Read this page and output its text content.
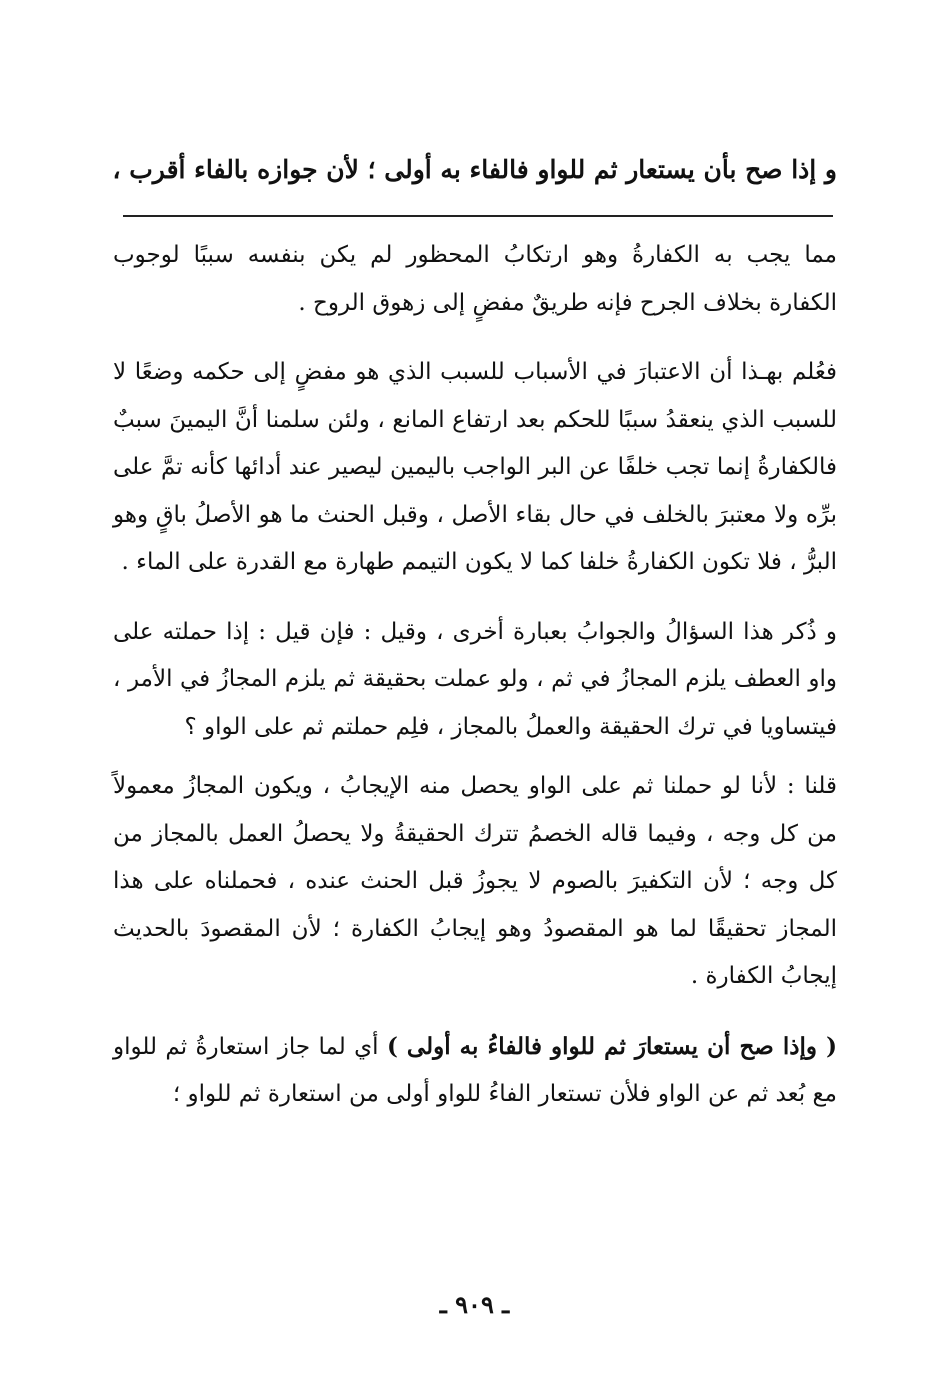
و إذا صح بأن يستعار ثم للواو فالفاء به أولى ؛ لأن جوازه بالفاء أقرب ،

مما يجب به الكفارةُ وهو ارتكابُ المحظور لم يكن بنفسه سببًا لوجوب الكفارة بخلاف الجرح فإنه طريقٌ مفضٍ إلى زهوق الروح .

فعُلم بهـذا أن الاعتبارَ في الأسباب للسبب الذي هو مفضٍ إلى حكمه وضعًا لا للسبب الذي ينعقدُ سببًا للحكم بعد ارتفاع المانع ، ولئن سلمنا أنَّ اليمينَ سببٌ فالكفارةُ إنما تجب خلفًا عن البر الواجب باليمين ليصير عند أدائها كأنه تمَّ على برِّه ولا معتبرَ بالخلف في حال بقاء الأصل ، وقبل الحنث ما هو الأصلُ باقٍ وهو البرُّ ، فلا تكون الكفارةُ خلفا كما لا يكون التيمم طهارة مع القدرة على الماء .

و ذُكر هذا السؤالُ والجوابُ بعبارة أخرى ، وقيل : فإن قيل : إذا حملته على واو العطف يلزم المجازُ في ثم ، ولو عملت بحقيقة ثم يلزم المجازُ في الأمر ، فيتساويا في ترك الحقيقة والعملُ بالمجاز ، فلِم حملتم ثم على الواو ؟

قلنا : لأنا لو حملنا ثم على الواو يحصل منه الإيجابُ ، ويكون المجازُ معمولاً من كل وجه ، وفيما قاله الخصمُ تترك الحقيقةُ ولا يحصلُ العمل بالمجاز من كل وجه ؛ لأن التكفيرَ بالصوم لا يجوزُ قبل الحنث عنده ، فحملناه على هذا المجاز تحقيقًا لما هو المقصودُ وهو إيجابُ الكفارة ؛ لأن المقصودَ بالحديث إيجابُ الكفارة .

( وإذا صح أن يستعارَ ثم للواو فالفاءُ به أولى ) أي لما جاز استعارةُ ثم للواو مع بُعد ثم عن الواو فلأن تستعار الفاءُ للواو أولى من استعارة ثم للواو ؛

ـ ٩٠٩ ـ
